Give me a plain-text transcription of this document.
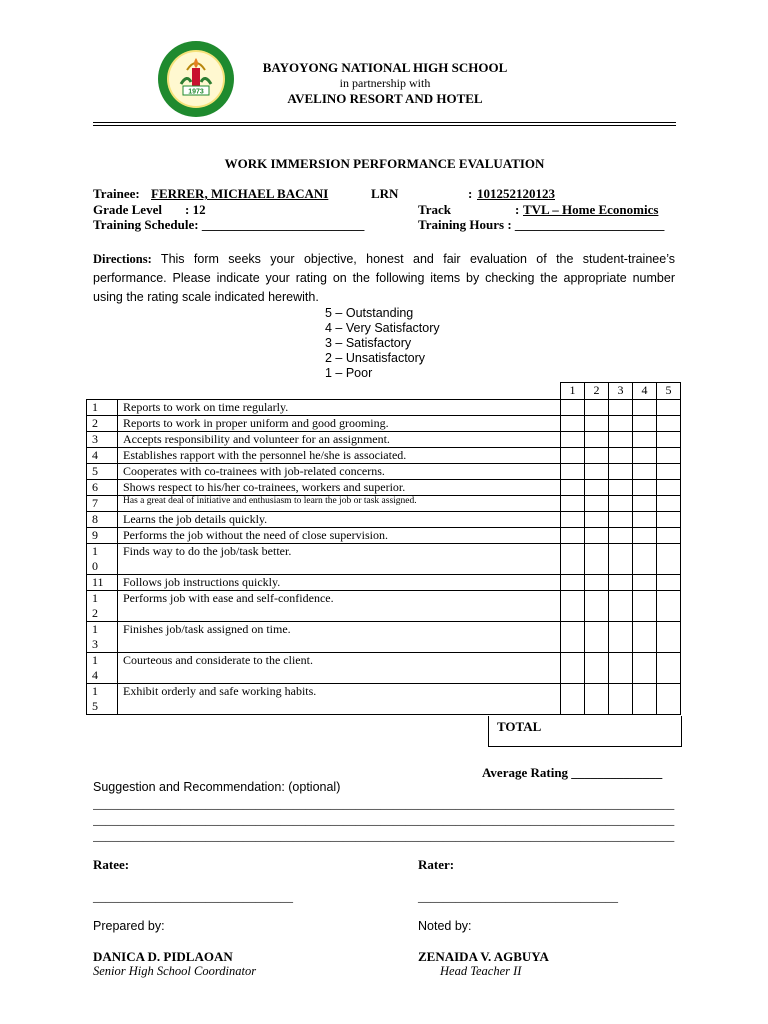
1973
BAYOYONG NATIONAL HIGH SCHOOL
in partnership with
AVELINO RESORT AND HOTEL
WORK IMMERSION PERFORMANCE EVALUATION
Trainee: FERRER, MICHAEL BACANI	LRN	: 101252120123
Grade Level : 12	Track	: TVL – Home Economics
Training Schedule: _________________________	Training Hours : _______________________
Directions: This form seeks your objective, honest and fair evaluation of the student-trainee’s performance. Please indicate your rating on the following items by checking the appropriate number using the rating scale indicated herewith.
5 – Outstanding
4 – Very Satisfactory
3 – Satisfactory
2 – Unsatisfactory
1 – Poor
		1	2	3	4	5
1	Reports to work on time regularly.					
2	Reports to work in proper uniform and good grooming.					
3	Accepts responsibility and volunteer for an assignment.					
4	Establishes rapport with the personnel he/she is associated.					
5	Cooperates with co-trainees with job-related concerns.					
6	Shows respect to his/her co-trainees, workers and superior.					
7	Has a great deal of initiative and enthusiasm to learn the job or task assigned.					
8	Learns the job details quickly.					
9	Performs the job without the need of close supervision.					

1
0	Finds way to do the job/task better.					
11	Follows job instructions quickly.					

1
2	Performs job with ease and self-confidence.					

1
3	Finishes job/task assigned on time.					

1
4	Courteous and considerate to the client.					

1
5	Exhibit orderly and safe working habits.					
TOTAL
Average Rating ______________
Suggestion and Recommendation: (optional)
_____________________________________________________________________________________________
_____________________________________________________________________________________________
_____________________________________________________________________________________________
Ratee:	Rater:
________________________________	________________________________
Prepared by:	Noted by:
DANICA D. PIDLAOAN
Senior High School Coordinator
ZENAIDA V. AGBUYA
Head Teacher II
